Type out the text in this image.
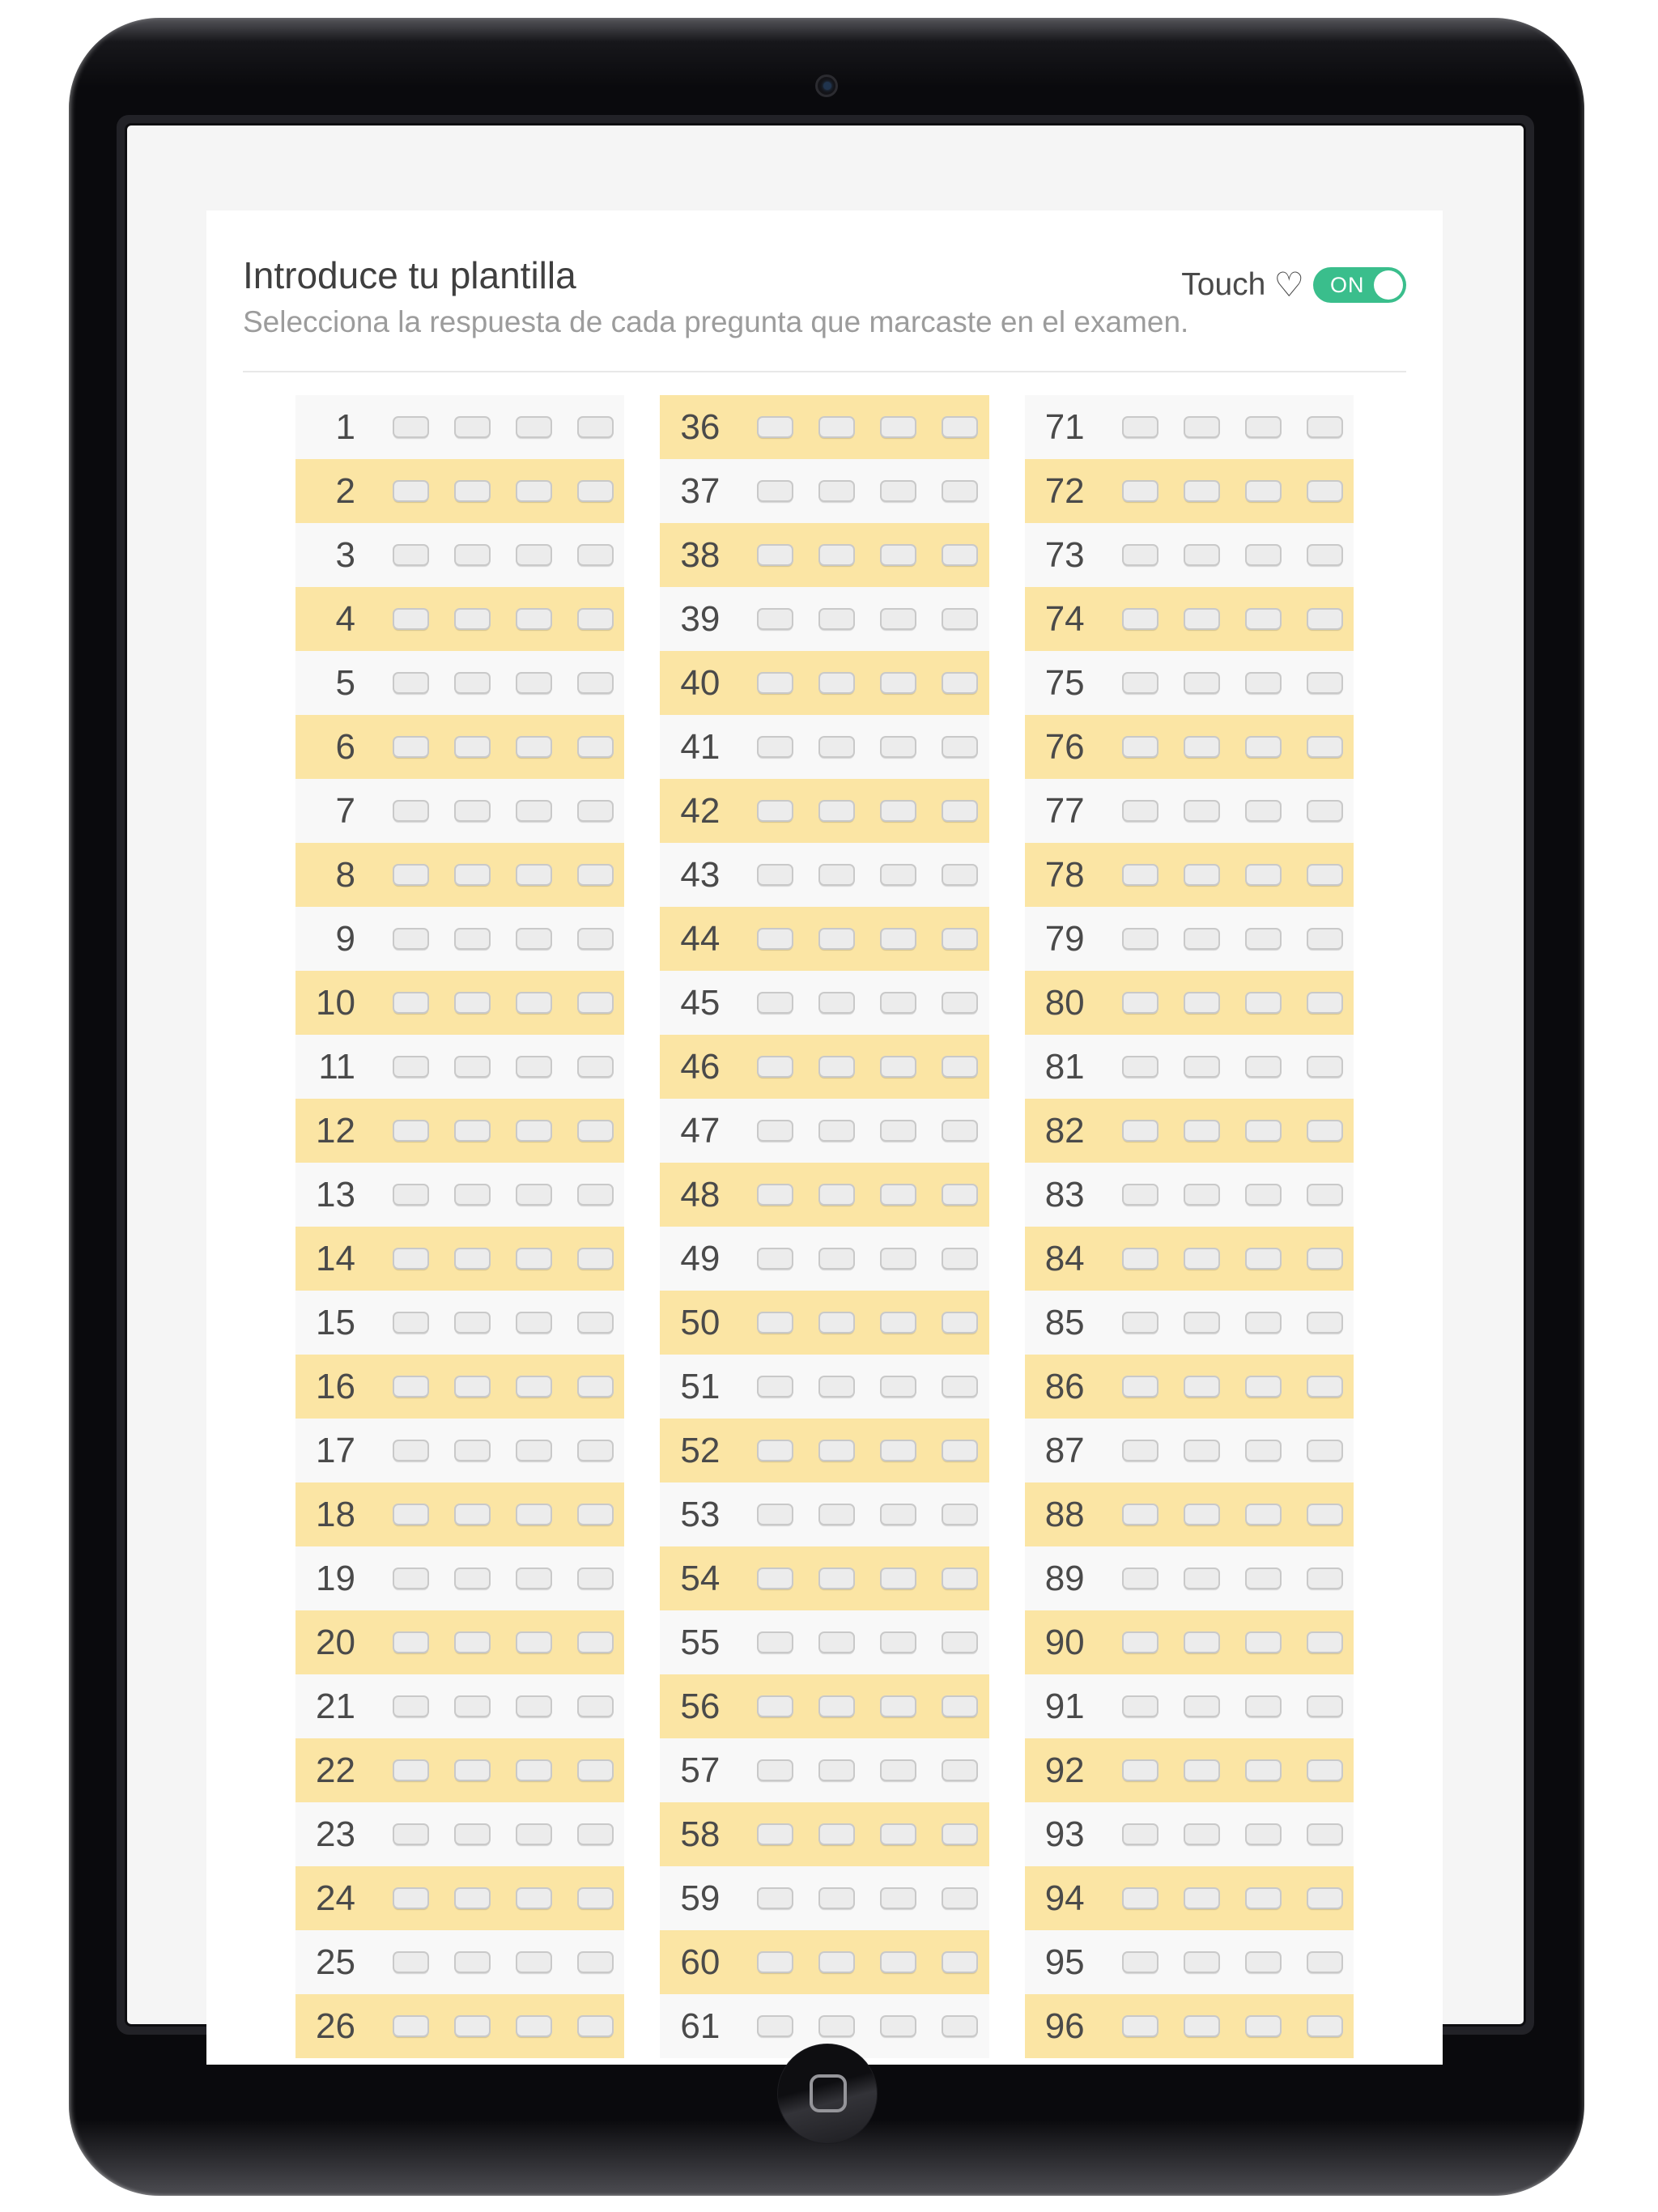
Introduce tu plantilla

Selecciona la respuesta de cada pregunta que marcaste en el examen.

Touch ♡ ON
1
2
3
4
5
6
7
8
9
10
11
12
13
14
15
16
17
18
19
20
21
22
23
24
25
26
36
37
38
39
40
41
42
43
44
45
46
47
48
49
50
51
52
53
54
55
56
57
58
59
60
61
71
72
73
74
75
76
77
78
79
80
81
82
83
84
85
86
87
88
89
90
91
92
93
94
95
96
